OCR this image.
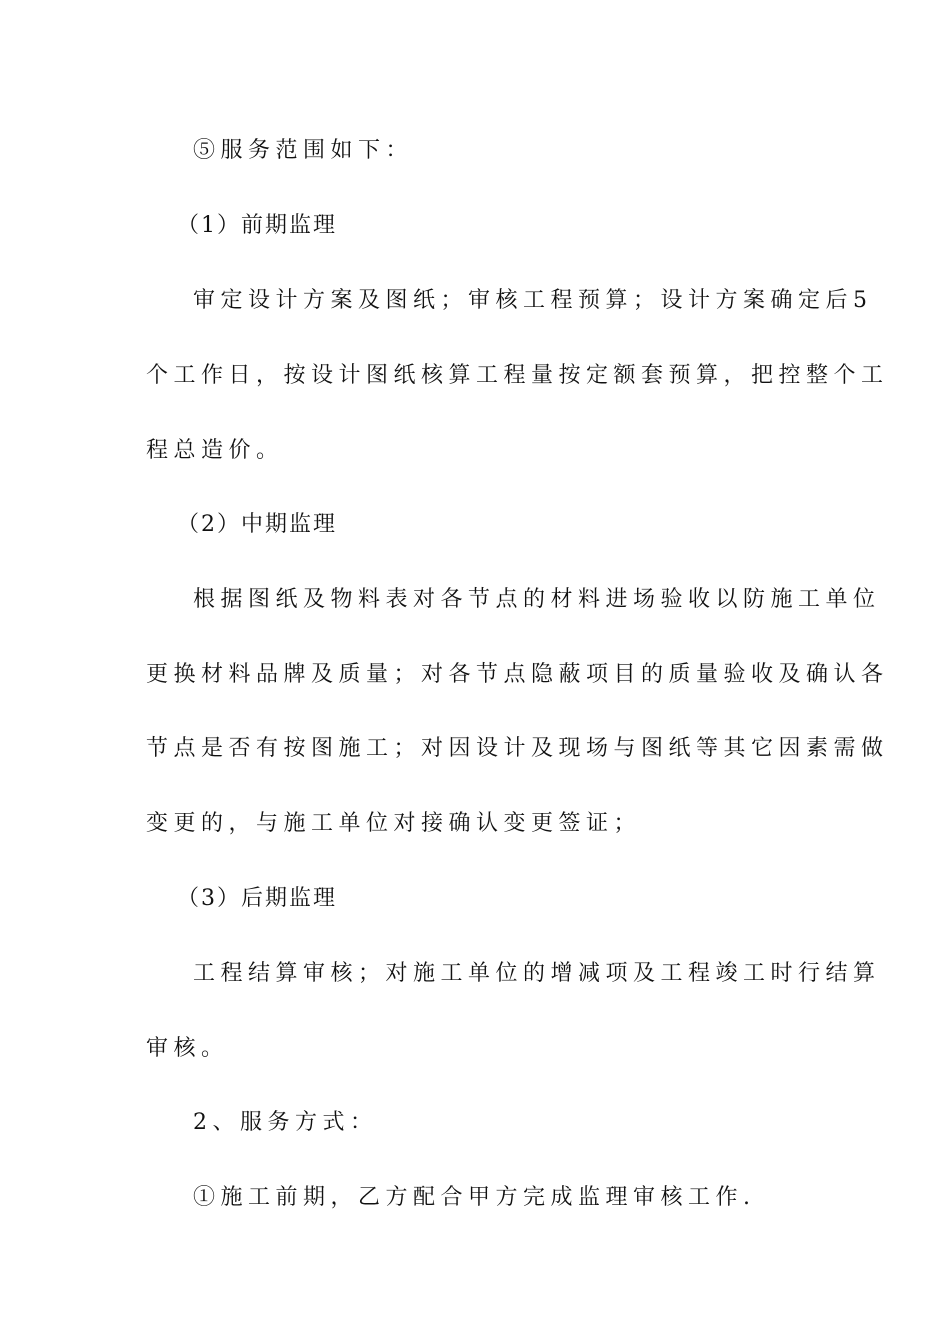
⑤服务范围如下：
（1）前期监理
审定设计方案及图纸；审核工程预算；设计方案确定后5
个工作日，按设计图纸核算工程量按定额套预算，把控整个工
程总造价。
（2）中期监理
根据图纸及物料表对各节点的材料进场验收以防施工单位
更换材料品牌及质量；对各节点隐蔽项目的质量验收及确认各
节点是否有按图施工；对因设计及现场与图纸等其它因素需做
变更的，与施工单位对接确认变更签证；
（3）后期监理
工程结算审核；对施工单位的增减项及工程竣工时行结算
审核。
2、服务方式：
①施工前期，乙方配合甲方完成监理审核工作.
